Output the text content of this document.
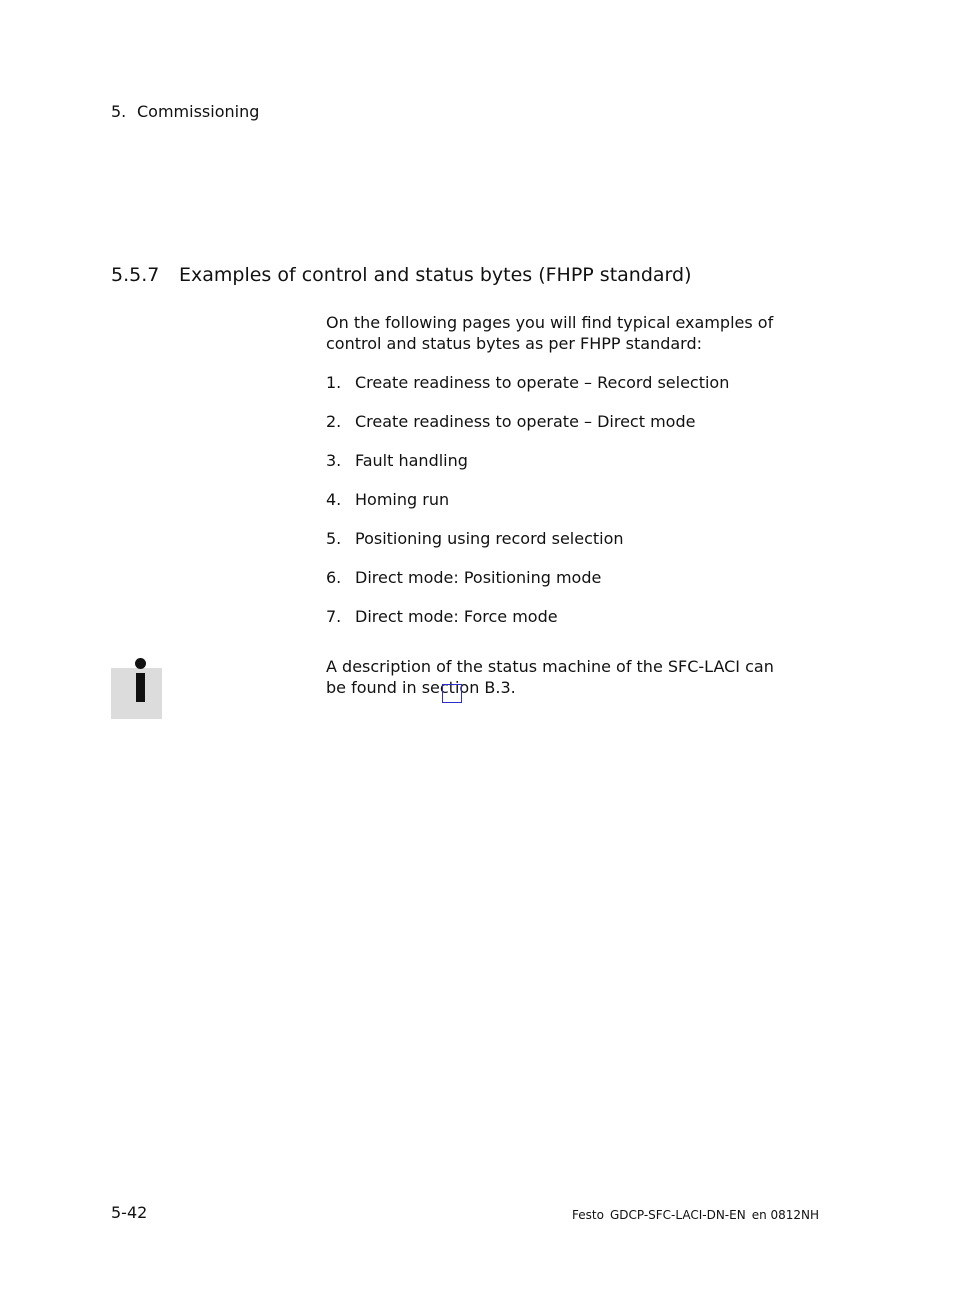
5. Commissioning
5.5.7 Examples of control and status bytes (FHPP standard)
On the following pages you will find typical examples of control and status bytes as per FHPP standard:
1. Create readiness to operate – Record selection
2. Create readiness to operate – Direct mode
3. Fault handling
4. Homing run
5. Positioning using record selection
6. Direct mode: Positioning mode
7. Direct mode: Force mode
A description of the status machine of the SFC-LACI can be found in section B.3.
5-42	Festo GDCP-SFC-LACI-DN-EN en 0812NH
